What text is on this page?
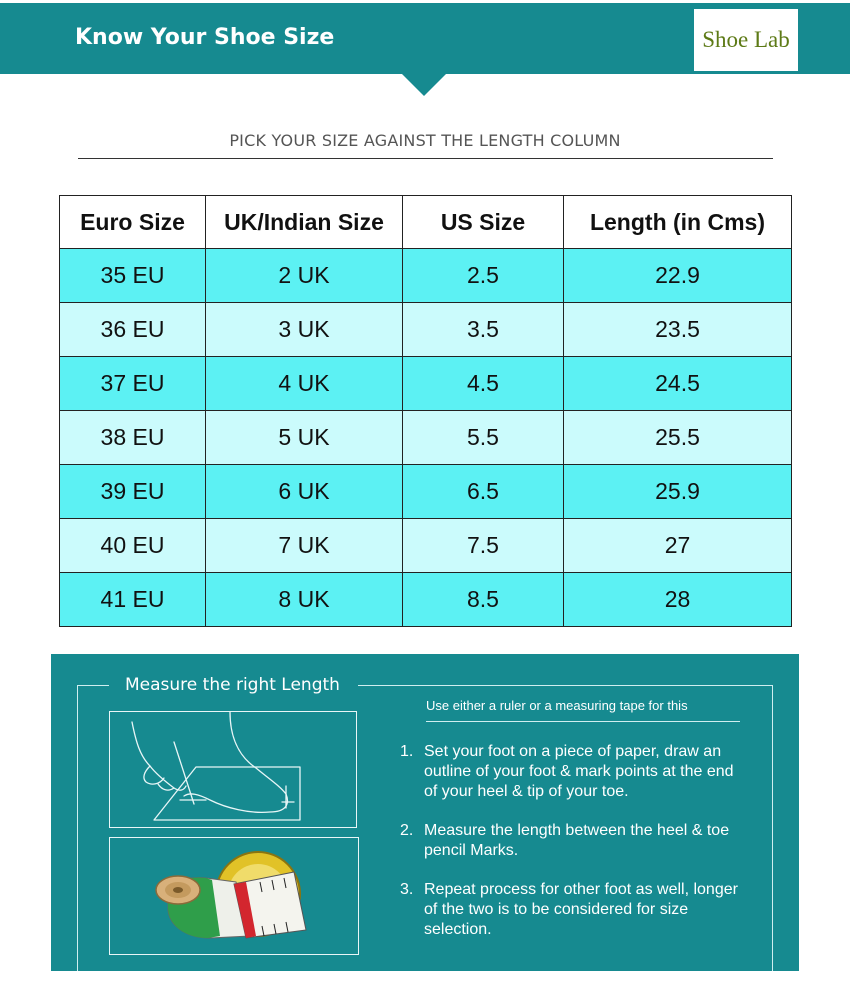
Know Your Shoe Size	Shoe Lab
PICK YOUR SIZE AGAINST THE LENGTH COLUMN
Euro Size	UK/Indian Size	US Size	Length (in Cms)
35 EU	2 UK	2.5	22.9
36 EU	3 UK	3.5	23.5
37 EU	4 UK	4.5	24.5
38 EU	5 UK	5.5	25.5
39 EU	6 UK	6.5	25.9
40 EU	7 UK	7.5	27
41 EU	8 UK	8.5	28
Measure the right Length
Use either a ruler or a measuring tape for this
1. Set your foot on a piece of paper, draw an outline of your foot & mark points at the end of your heel & tip of your toe.
2. Measure the length between the heel & toe pencil Marks.
3. Repeat process for other foot as well, longer of the two is to be considered for size selection.
